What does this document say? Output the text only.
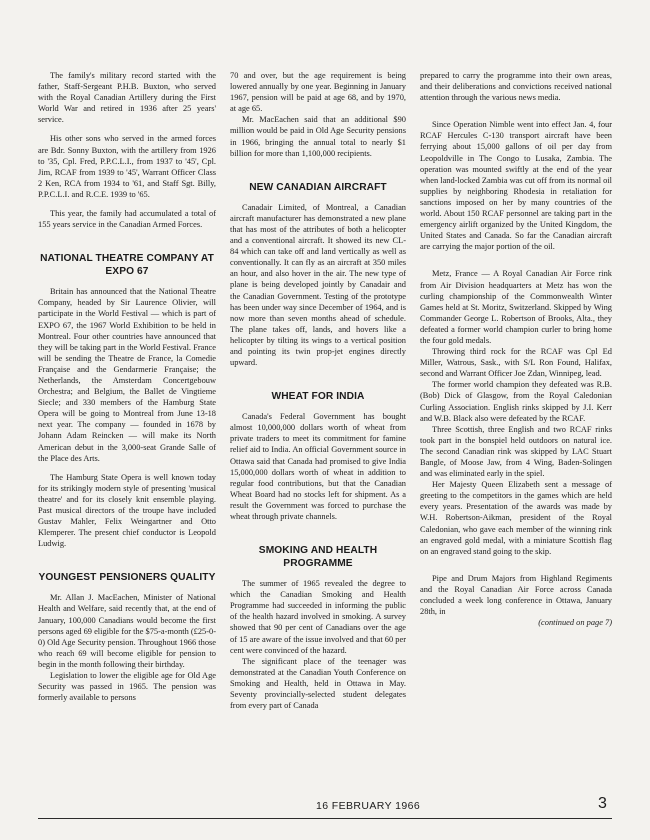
The family's military record started with the father, Staff-Sergeant P.H.B. Buxton, who served with the Royal Canadian Artillery during the First World War and retired in 1936 after 25 years' service.

His other sons who served in the armed forces are Bdr. Sonny Buxton, with the artillery from 1926 to '35, Cpl. Fred, P.P.C.L.I., from 1937 to '45', Cpl. Jim, RCAF from 1939 to '45', Warrant Officer Class 2 Ken, RCA from 1934 to '61, and Staff Sgt. Billy, P.P.C.L.I. and R.C.E. 1939 to '65.

This year, the family had accumulated a total of 155 years service in the Canadian Armed Forces.

NATIONAL THEATRE COMPANY AT EXPO 67

Britain has announced that the National Theatre Company, headed by Sir Laurence Olivier, will participate in the World Festival — which is part of EXPO 67, the 1967 World Exhibition to be held in Montreal. Four other countries have announced that they will be taking part in the World Festival. France will be sending the Theatre de France, la Comedie Française and the Gendarmerie Française; the Netherlands, the Amsterdam Concertgebouw Orchestra; and Belgium, the Ballet de Vingtieme Siecle; and 330 members of the Hamburg State Opera will be going to Montreal from June 13-18 next year. The company — founded in 1678 by Johann Adam Reincken — will make its North American debut in the 3,000-seat Grande Salle of the Place des Arts.

The Hamburg State Opera is well known today for its strikingly modern style of presenting 'musical theatre' and for its closely knit ensemble playing. Past musical directors of the troupe have included Gustav Mahler, Felix Weingartner and Otto Klemperer. The present chief conductor is Leopold Ludwig.

YOUNGEST PENSIONERS QUALITY

Mr. Allan J. MacEachen, Minister of National Health and Welfare, said recently that, at the end of January, 100,000 Canadians would become the first persons aged 69 eligible for the $75-a-month (£25-0-0) Old Age Security pension. Throughout 1966 those who reach 69 will become eligible for pension to begin in the month following their birthday.

Legislation to lower the eligible age for Old Age Security was passed in 1965. The pension was formerly available to persons

70 and over, but the age requirement is being lowered annually by one year. Beginning in January 1967, pension will be paid at age 68, and by 1970, at age 65.

Mr. MacEachen said that an additional $90 million would be paid in Old Age Security pensions in 1966, bringing the annual total to nearly $1 billion for more than 1,100,000 recipients.

NEW CANADIAN AIRCRAFT

Canadair Limited, of Montreal, a Canadian aircraft manufacturer has demonstrated a new plane that has most of the attributes of both a helicopter and a conventional aircraft. It showed its new CL-84 which can take off and land vertically as well as conventionally. It can fly as an aircraft at 350 miles an hour, and also hover in the air. The new type of plane is being developed jointly by Canadair and the Canadian Government. Testing of the prototype has been under way since December of 1964, and is now more than seven months ahead of schedule. The plane takes off, lands, and hovers like a helicopter by tilting its wings to a vertical position and pointing its twin prop-jet engines directly upward.

WHEAT FOR INDIA

Canada's Federal Government has bought almost 10,000,000 dollars worth of wheat from private traders to meet its commitment for famine relief aid to India. An official Government source in Ottawa said that Canada had promised to give India 15,000,000 dollars worth of wheat in addition to regular food contributions, but that the Canadian Wheat Board had no stocks left for shipment. As a result the Government was forced to purchase the wheat through private channels.

SMOKING AND HEALTH PROGRAMME

The summer of 1965 revealed the degree to which the Canadian Smoking and Health Programme had succeeded in informing the public of the health hazard involved in smoking. A survey showed that 90 per cent of Canadians over the age of 15 are aware of the issue involved and that 60 per cent were convinced of the hazard.

The significant place of the teenager was demonstrated at the Canadian Youth Conference on Smoking and Health, held in Ottawa in May. Seventy provincially-selected student delegates from every part of Canada

prepared to carry the programme into their own areas, and their deliberations and convictions received national attention through the various news media.

Since Operation Nimble went into effect Jan. 4, four RCAF Hercules C-130 transport aircraft have been ferrying about 15,000 gallons of oil per day from Leopoldville in The Congo to Lusaka, Zambia. The operation was mounted swiftly at the end of the year when land-locked Zambia was cut off from its normal oil supplies by neighboring Rhodesia in retaliation for sanctions imposed on her by many countries of the world. About 150 RCAF personnel are taking part in the emergency airlift organized by the United Kingdom, the United States and Canada. So far the Canadian aircraft are carrying the major portion of the oil.

Metz, France — A Royal Canadian Air Force rink from Air Division headquarters at Metz has won the curling championship of the Commonwealth Winter Games held at St. Moritz, Switzerland. Skipped by Wing Commander George L. Robertson of Brooks, Alta., they defeated a former world champion curler to bring home the four gold medals.

Throwing third rock for the RCAF was Cpl Ed Miller, Watrous, Sask., with S/L Ron Found, Halifax, second and Warrant Officer Joe Zdan, Winnipeg, lead.

The former world champion they defeated was R.B. (Bob) Dick of Glasgow, from the Royal Caledonian Curling Association. English rinks skipped by J.I. Kerr and W.B. Black also were defeated by the RCAF.

Three Scottish, three English and two RCAF rinks took part in the bonspiel held outdoors on natural ice. The second Canadian rink was skipped by LAC Stuart Bangle, of Moose Jaw, from 4 Wing, Baden-Solingen and was eliminated early in the spiel.

Her Majesty Queen Elizabeth sent a message of greeting to the competitors in the games which are held every years. Presentation of the awards was made by W.H. Robertson-Aikman, president of the Royal Caledonian, who gave each member of the winning rink an engraved gold medal, with a miniature Scottish flag on an engraved stand going to the skip.

Pipe and Drum Majors from Highland Regiments and the Royal Canadian Air Force across Canada concluded a week long conference in Ottawa, January 28th, in

(continued on page 7)

16 FEBRUARY 1966	3
